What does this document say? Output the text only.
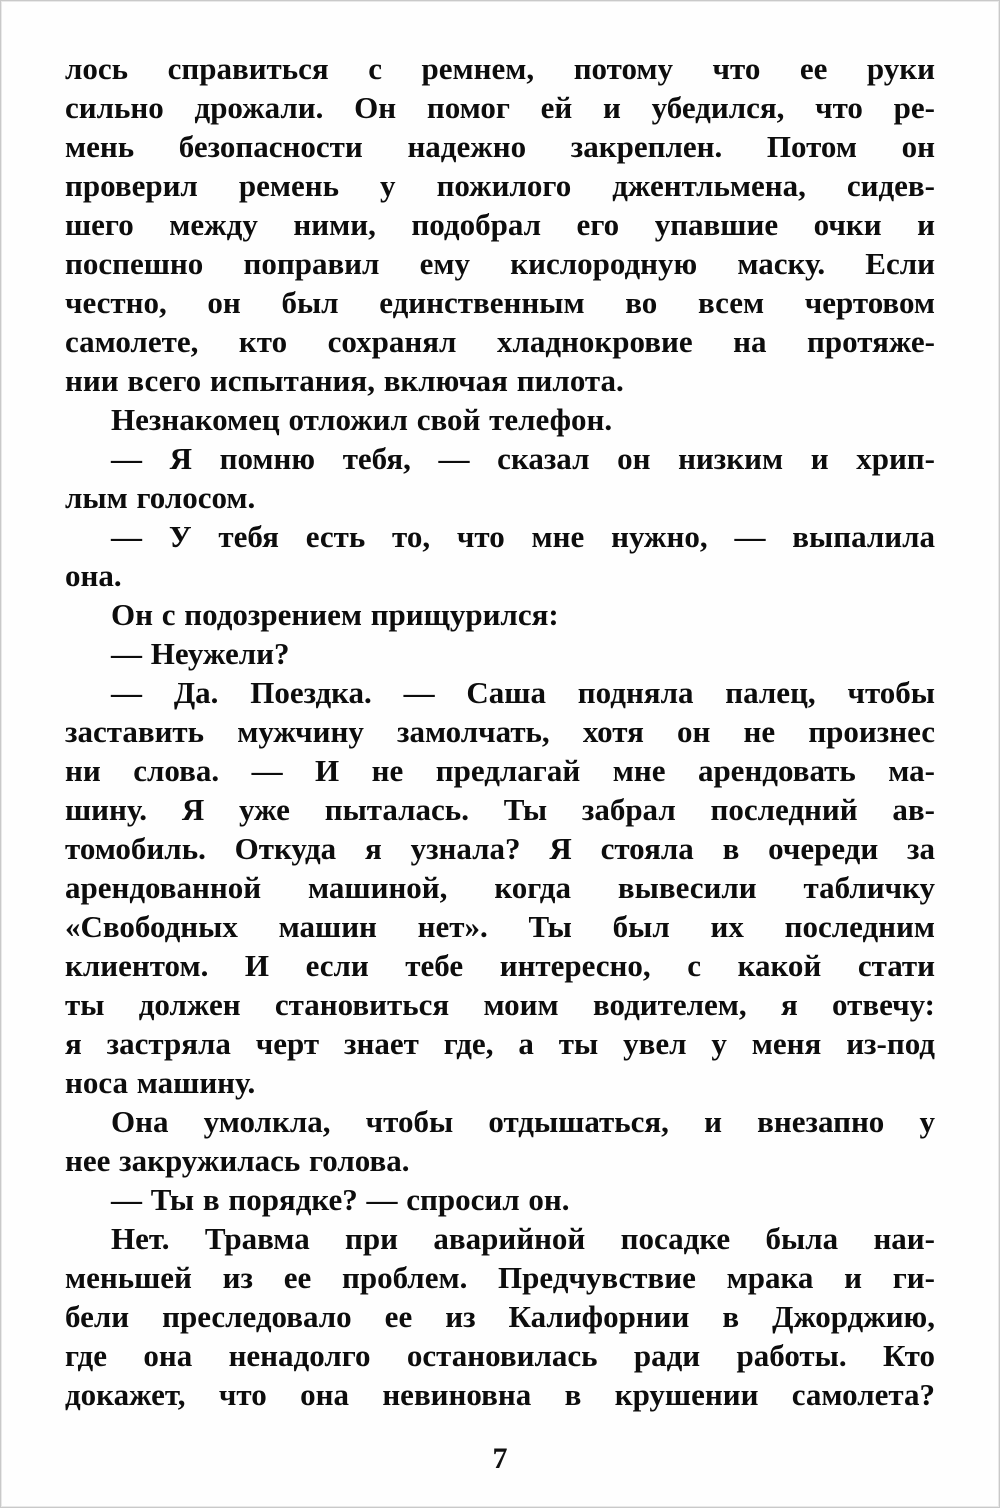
лось справиться с ремнем, потому что ее руки
сильно дрожали. Он помог ей и убедился, что ре-
мень безопасности надежно закреплен. Потом он
проверил ремень у пожилого джентльмена, сидев-
шего между ними, подобрал его упавшие очки и
поспешно поправил ему кислородную маску. Если
честно, он был единственным во всем чертовом
самолете, кто сохранял хладнокровие на протяже-
нии всего испытания, включая пилота.
Незнакомец отложил свой телефон.
— Я помню тебя, — сказал он низким и хрип-
лым голосом.
— У тебя есть то, что мне нужно, — выпалила
она.
Он с подозрением прищурился:
— Неужели?
— Да. Поездка. — Саша подняла палец, чтобы
заставить мужчину замолчать, хотя он не произнес
ни слова. — И не предлагай мне арендовать ма-
шину. Я уже пыталась. Ты забрал последний ав-
томобиль. Откуда я узнала? Я стояла в очереди за
арендованной машиной, когда вывесили табличку
«Свободных машин нет». Ты был их последним
клиентом. И если тебе интересно, с какой стати
ты должен становиться моим водителем, я отвечу:
я застряла черт знает где, а ты увел у меня из-под
носа машину.
Она умолкла, чтобы отдышаться, и внезапно у
нее закружилась голова.
— Ты в порядке? — спросил он.
Нет. Травма при аварийной посадке была наи-
меньшей из ее проблем. Предчувствие мрака и ги-
бели преследовало ее из Калифорнии в Джорджию,
где она ненадолго остановилась ради работы. Кто
докажет, что она невиновна в крушении самолета?
7
